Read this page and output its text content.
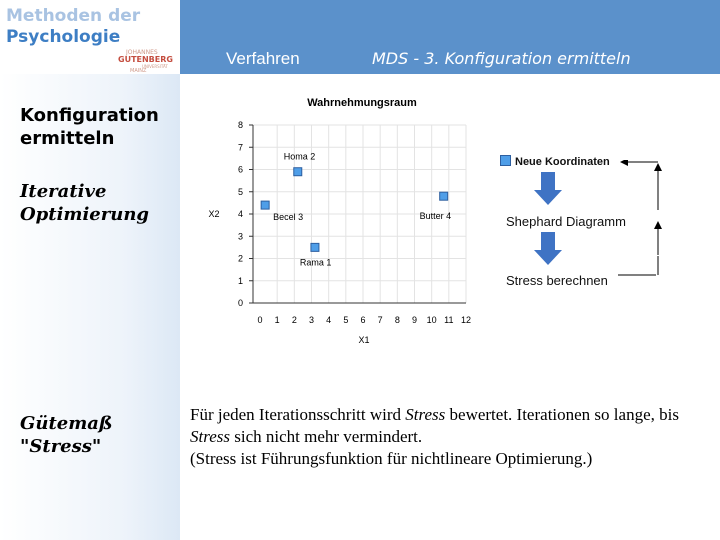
Methoden der
Psychologie
JOHANNES
GUTENBERG
UNIVERSITÄT
MAINZ
Verfahren	MDS - 3. Konfiguration ermitteln
Konfiguration ermitteln
Iterative Optimierung
Gütemaß "Stress"
Wahrnehmungsraum
0
1
2
3
4
5
6
7
8
0 1 2 3 4 5 6 7 8 9 10 11 12
X2
X1
Homa 2
Becel 3	Butter 4
Rama 1
Neue Koordinaten
Shephard Diagramm
Stress berechnen
Für jeden Iterationsschritt wird Stress bewertet. Iterationen so lange, bis Stress sich nicht mehr vermindert.
(Stress ist Führungsfunktion für nichtlineare Optimierung.)
